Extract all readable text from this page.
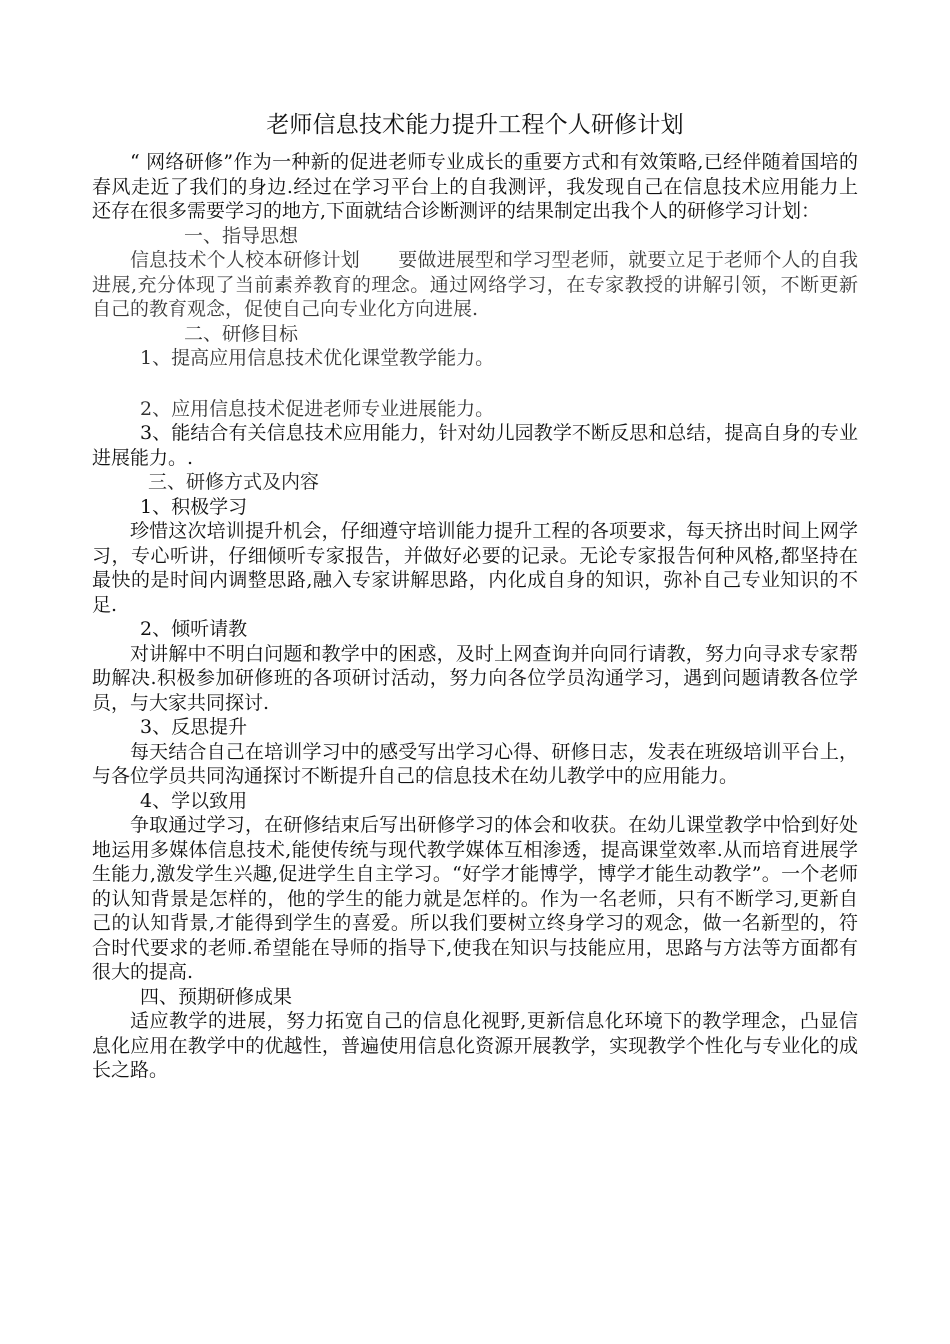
老师信息技术能力提升工程个人研修计划

“ 网络研修”作为一种新的促进老师专业成长的重要方式和有效策略,已经伴随着国培的春风走近了我们的身边.经过在学习平台上的自我测评，我发现自己在信息技术应用能力上还存在很多需要学习的地方,下面就结合诊断测评的结果制定出我个人的研修学习计划：

一、指导思想

信息技术个人校本研修计划　　要做进展型和学习型老师，就要立足于老师个人的自我进展,充分体现了当前素养教育的理念。通过网络学习，在专家教授的讲解引领，不断更新自己的教育观念，促使自己向专业化方向进展.

二、研修目标

1、提高应用信息技术优化课堂教学能力。

2、应用信息技术促进老师专业进展能力。

3、能结合有关信息技术应用能力，针对幼儿园教学不断反思和总结，提高自身的专业进展能力。.

三、研修方式及内容

1、积极学习

珍惜这次培训提升机会，仔细遵守培训能力提升工程的各项要求，每天挤出时间上网学习，专心听讲，仔细倾听专家报告，并做好必要的记录。无论专家报告何种风格,都坚持在最快的是时间内调整思路,融入专家讲解思路，内化成自身的知识，弥补自己专业知识的不足.

2、倾听请教

对讲解中不明白问题和教学中的困惑，及时上网查询并向同行请教，努力向寻求专家帮助解决.积极参加研修班的各项研讨活动，努力向各位学员沟通学习，遇到问题请教各位学员，与大家共同探讨.

3、反思提升

每天结合自己在培训学习中的感受写出学习心得、研修日志，发表在班级培训平台上，与各位学员共同沟通探讨不断提升自己的信息技术在幼儿教学中的应用能力。

4、学以致用

争取通过学习，在研修结束后写出研修学习的体会和收获。在幼儿课堂教学中恰到好处地运用多媒体信息技术,能使传统与现代教学媒体互相渗透，提高课堂效率.从而培育进展学生能力,激发学生兴趣,促进学生自主学习。“好学才能博学，博学才能生动教学”。一个老师的认知背景是怎样的，他的学生的能力就是怎样的。作为一名老师，只有不断学习,更新自己的认知背景,才能得到学生的喜爱。所以我们要树立终身学习的观念，做一名新型的，符合时代要求的老师.希望能在导师的指导下,使我在知识与技能应用，思路与方法等方面都有很大的提高.

四、预期研修成果

适应教学的进展，努力拓宽自己的信息化视野,更新信息化环境下的教学理念，凸显信息化应用在教学中的优越性，普遍使用信息化资源开展教学，实现教学个性化与专业化的成长之路。
